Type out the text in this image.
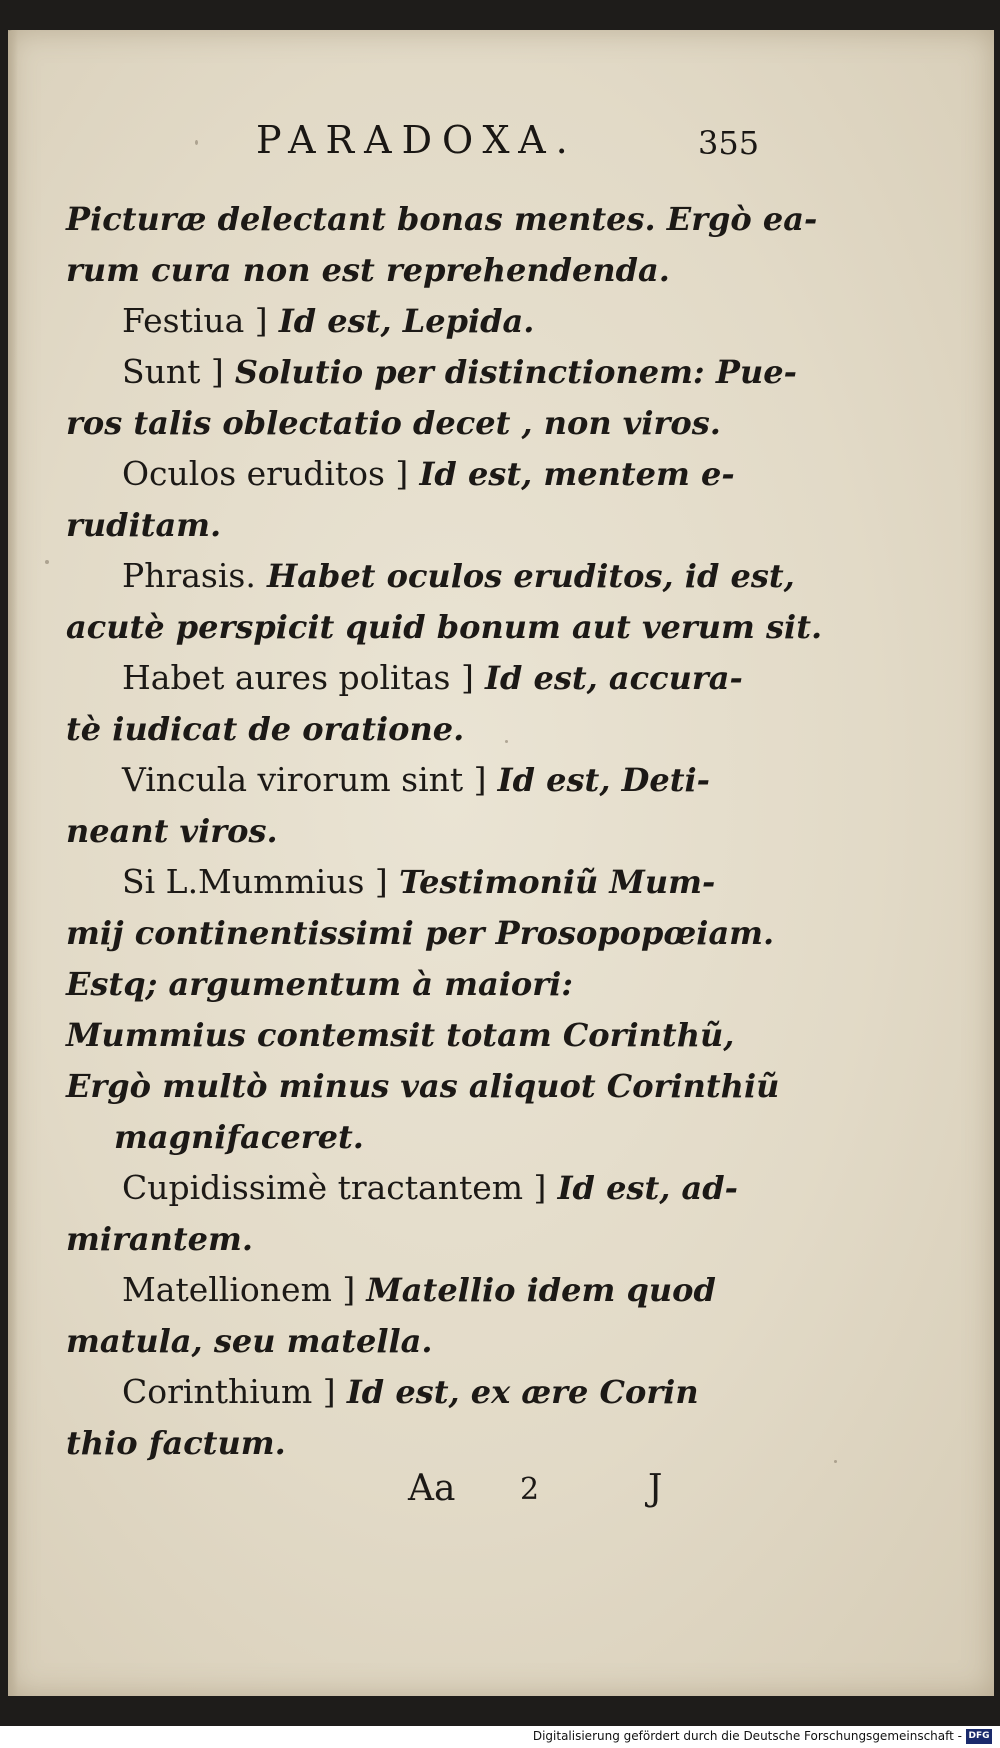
PARADOXA.	355
Picturæ delectant bonas mentes. Ergò ea-
rum cura non est reprehendenda.
Festiua ] Id est, Lepida.
Sunt ] Solutio per distinctionem: Pue-
ros talis oblectatio decet , non viros.
Oculos eruditos ] Id est, mentem e-
ruditam.
Phrasis. Habet oculos eruditos, id est,
acutè perspicit quid bonum aut verum sit.
Habet aures politas ] Id est, accura-
tè iudicat de oratione.
Vincula virorum sint ] Id est, Deti-
neant viros.
Si L.Mummius ] Testimoniũ Mum-
mij continentissimi per Prosopopœiam.
Estq; argumentum à maiori:
Mummius contemsit totam Corinthũ,
Ergò multò minus vas aliquot Corinthiũ
magnifaceret.
Cupidissimè tractantem ] Id est, ad-
mirantem.
Matellionem ] Matellio idem quod
matula, seu matella.
Corinthium ] Id est, ex ære Corin
thio factum.
Aa 2	J
Digitalisierung gefördert durch die Deutsche Forschungsgemeinschaft - DFG
